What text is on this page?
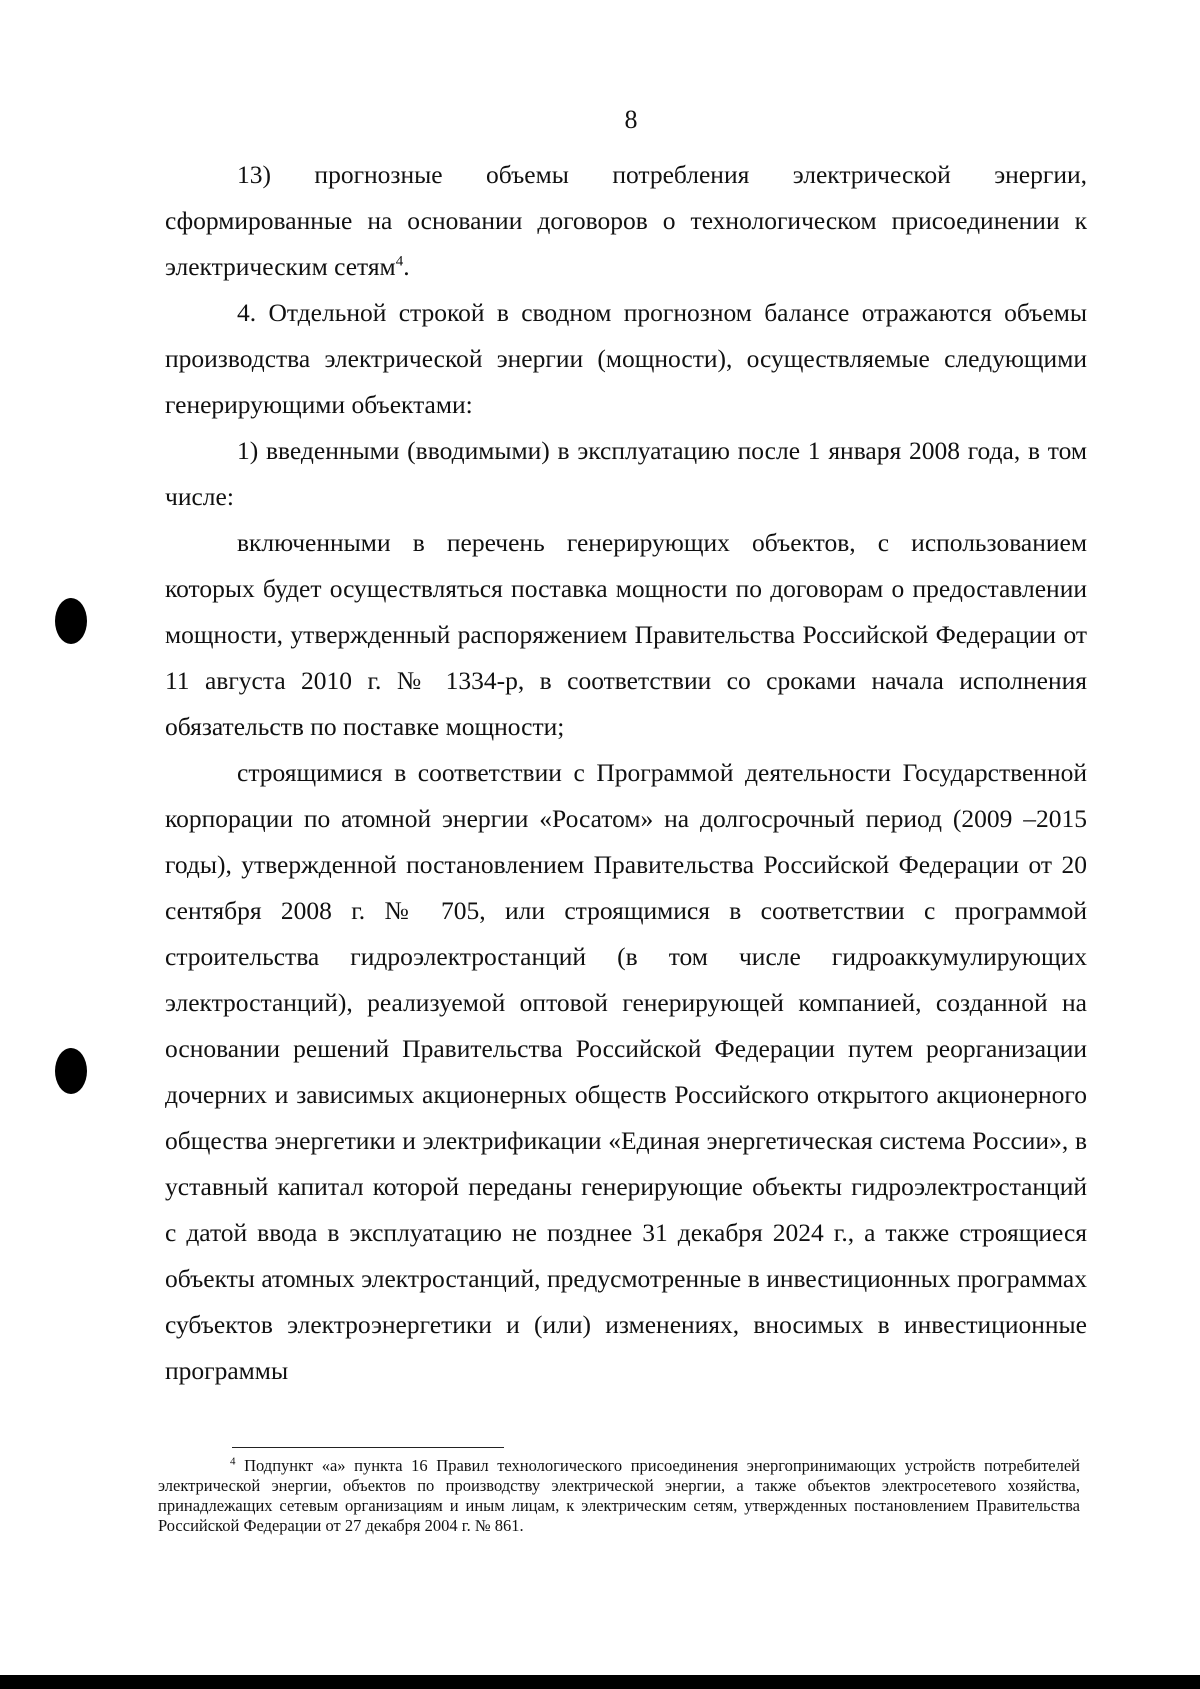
8

13) прогнозные объемы потребления электрической энергии, сформированные на основании договоров о технологическом присоединении к электрическим сетям$^4$.

4. Отдельной строкой в сводном прогнозном балансе отражаются объемы производства электрической энергии (мощности), осуществляемые следующими генерирующими объектами:

1) введенными (вводимыми) в эксплуатацию после 1 января 2008 года, в том числе:

включенными в перечень генерирующих объектов, с использованием которых будет осуществляться поставка мощности по договорам о предоставлении мощности, утвержденный распоряжением Правительства Российской Федерации от 11 августа 2010 г. № 1334-р, в соответствии со сроками начала исполнения обязательств по поставке мощности;

строящимися в соответствии с Программой деятельности Государственной корпорации по атомной энергии «Росатом» на долгосрочный период (2009 –2015 годы), утвержденной постановлением Правительства Российской Федерации от 20 сентября 2008 г. № 705, или строящимися в соответствии с программой строительства гидроэлектростанций (в том числе гидроаккумулирующих электростанций), реализуемой оптовой генерирующей компанией, созданной на основании решений Правительства Российской Федерации путем реорганизации дочерних и зависимых акционерных обществ Российского открытого акционерного общества энергетики и электрификации «Единая энергетическая система России», в уставный капитал которой переданы генерирующие объекты гидроэлектростанций с датой ввода в эксплуатацию не позднее 31 декабря 2024 г., а также строящиеся объекты атомных электростанций, предусмотренные в инвестиционных программах субъектов электроэнергетики и (или) изменениях, вносимых в инвестиционные программы

$^4$ Подпункт «а» пункта 16 Правил технологического присоединения энергопринимающих устройств потребителей электрической энергии, объектов по производству электрической энергии, а также объектов электросетевого хозяйства, принадлежащих сетевым организациям и иным лицам, к электрическим сетям, утвержденных постановлением Правительства Российской Федерации от 27 декабря 2004 г. № 861.
